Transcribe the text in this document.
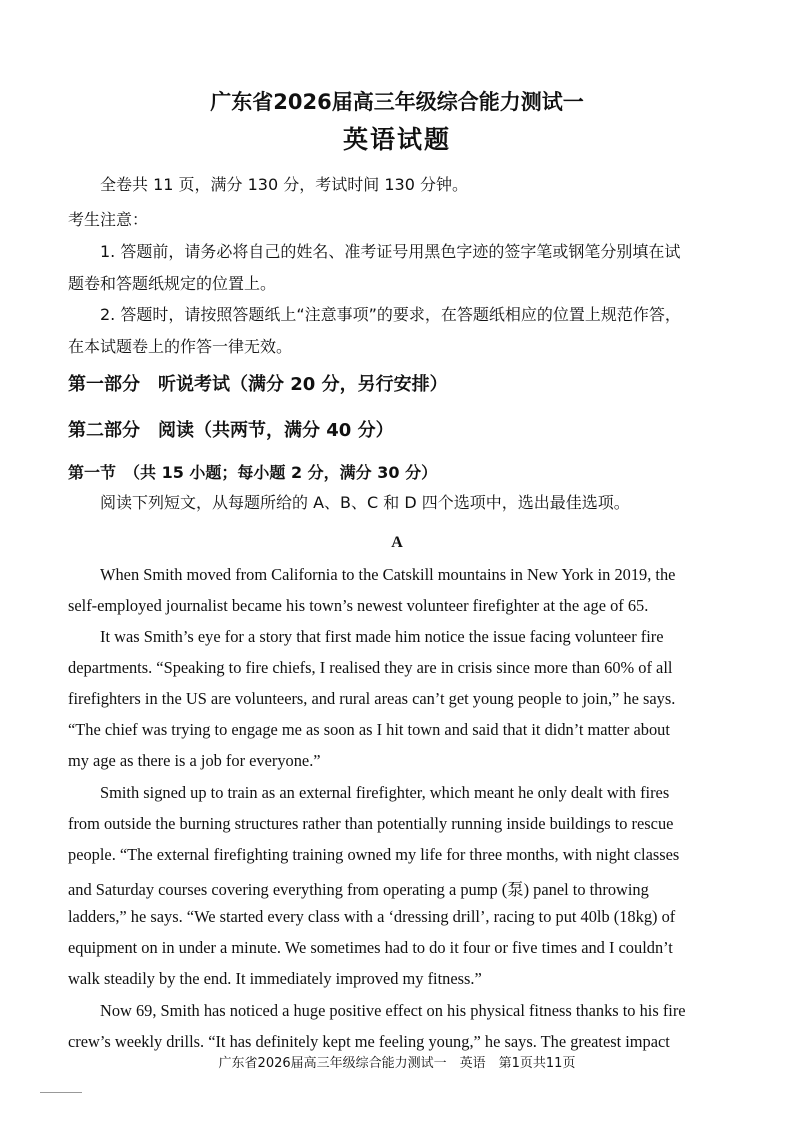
广东省2026届高三年级综合能力测试一
英语试题
全卷共 11 页，满分 130 分，考试时间 130 分钟。
考生注意：
1. 答题前，请务必将自己的姓名、准考证号用黑色字迹的签字笔或钢笔分别填在试
题卷和答题纸规定的位置上。
2. 答题时，请按照答题纸上“注意事项”的要求，在答题纸相应的位置上规范作答，
在本试题卷上的作答一律无效。
第一部分　听说考试（满分 20 分，另行安排）
第二部分　阅读（共两节，满分 40 分）
第一节　（共 15 小题；每小题 2 分，满分 30 分）
阅读下列短文，从每题所给的 A、B、C 和 D 四个选项中，选出最佳选项。
A
When Smith moved from California to the Catskill mountains in New York in 2019, the
self-employed journalist became his town’s newest volunteer firefighter at the age of 65.
It was Smith’s eye for a story that first made him notice the issue facing volunteer fire
departments. “Speaking to fire chiefs, I realised they are in crisis since more than 60% of all
firefighters in the US are volunteers, and rural areas can’t get young people to join,” he says.
“The chief was trying to engage me as soon as I hit town and said that it didn’t matter about
my age as there is a job for everyone.”
Smith signed up to train as an external firefighter, which meant he only dealt with fires
from outside the burning structures rather than potentially running inside buildings to rescue
people. “The external firefighting training owned my life for three months, with night classes
and Saturday courses covering everything from operating a pump (泵) panel to throwing
ladders,” he says. “We started every class with a ‘dressing drill’, racing to put 40lb (18kg) of
equipment on in under a minute. We sometimes had to do it four or five times and I couldn’t
walk steadily by the end. It immediately improved my fitness.”
Now 69, Smith has noticed a huge positive effect on his physical fitness thanks to his fire
crew’s weekly drills. “It has definitely kept me feeling young,” he says. The greatest impact
广东省2026届高三年级综合能力测试一　英语　第1页共11页
